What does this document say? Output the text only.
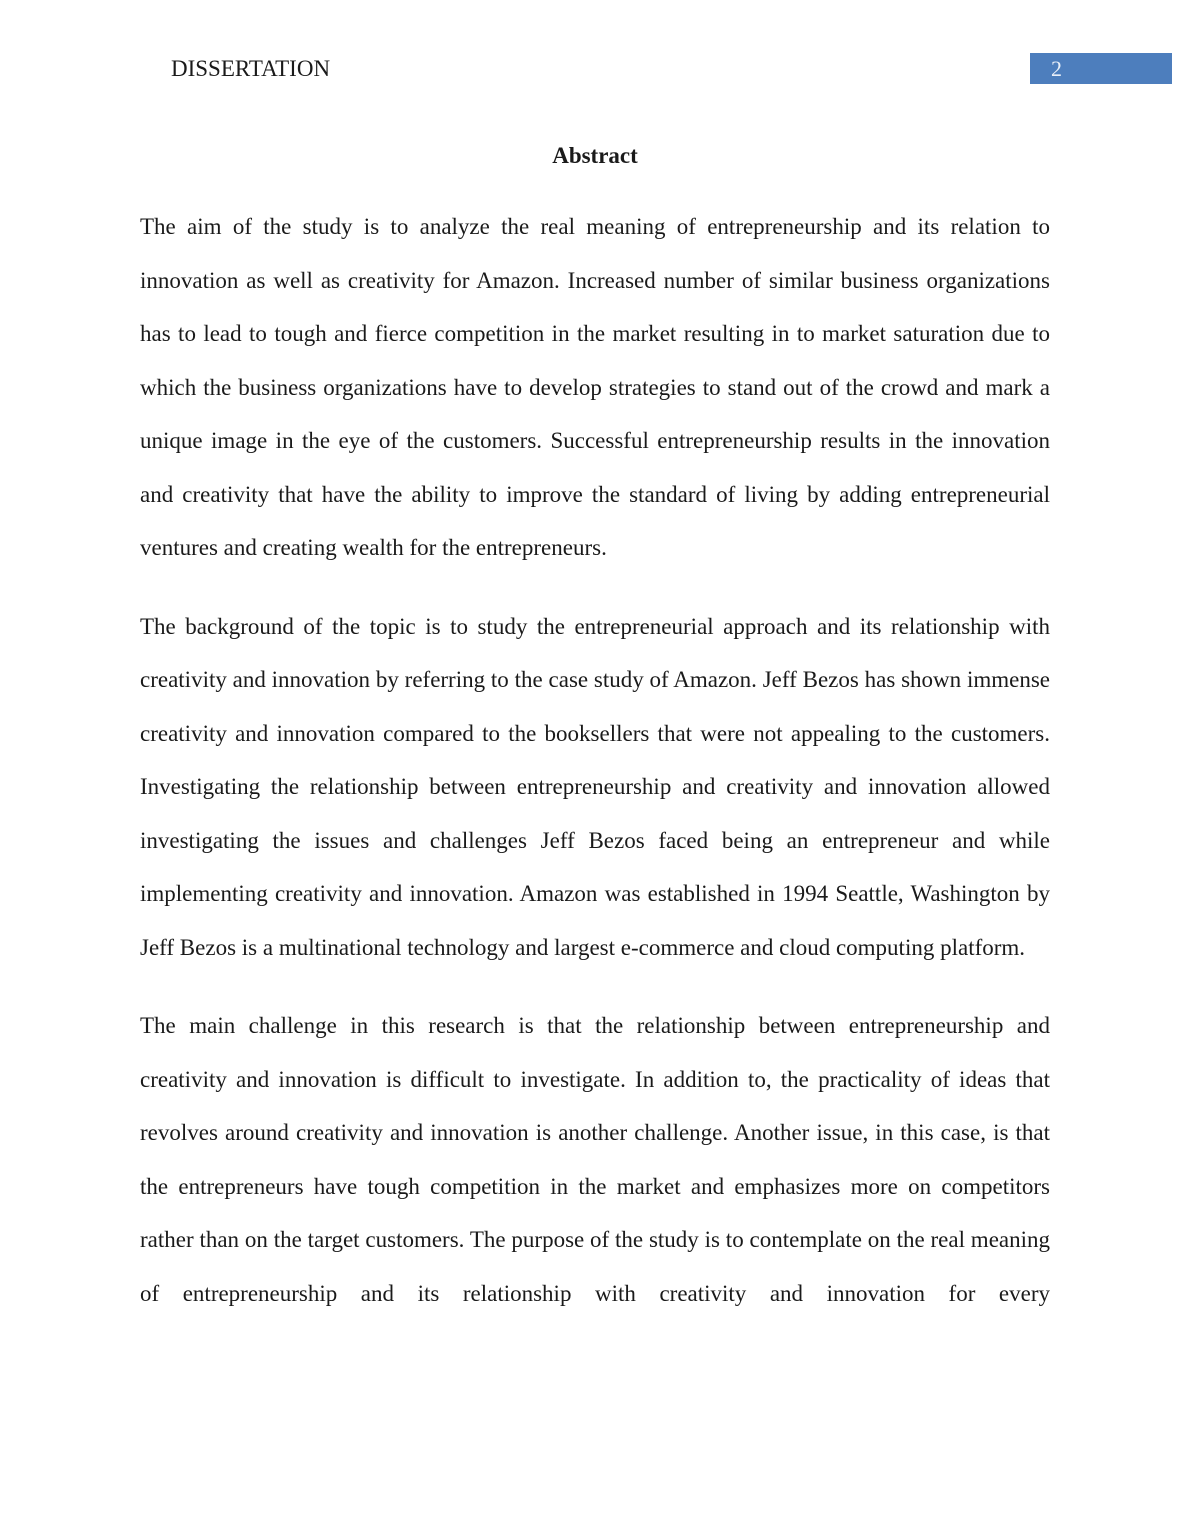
DISSERTATION	2
Abstract

The aim of the study is to analyze the real meaning of entrepreneurship and its relation to innovation as well as creativity for Amazon. Increased number of similar business organizations has to lead to tough and fierce competition in the market resulting in to market saturation due to which the business organizations have to develop strategies to stand out of the crowd and mark a unique image in the eye of the customers. Successful entrepreneurship results in the innovation and creativity that have the ability to improve the standard of living by adding entrepreneurial ventures and creating wealth for the entrepreneurs.

The background of the topic is to study the entrepreneurial approach and its relationship with creativity and innovation by referring to the case study of Amazon. Jeff Bezos has shown immense creativity and innovation compared to the booksellers that were not appealing to the customers. Investigating the relationship between entrepreneurship and creativity and innovation allowed investigating the issues and challenges Jeff Bezos faced being an entrepreneur and while implementing creativity and innovation. Amazon was established in 1994 Seattle, Washington by Jeff Bezos is a multinational technology and largest e-commerce and cloud computing platform.

The main challenge in this research is that the relationship between entrepreneurship and creativity and innovation is difficult to investigate. In addition to, the practicality of ideas that revolves around creativity and innovation is another challenge. Another issue, in this case, is that the entrepreneurs have tough competition in the market and emphasizes more on competitors rather than on the target customers. The purpose of the study is to contemplate on the real meaning of entrepreneurship and its relationship with creativity and innovation for every
